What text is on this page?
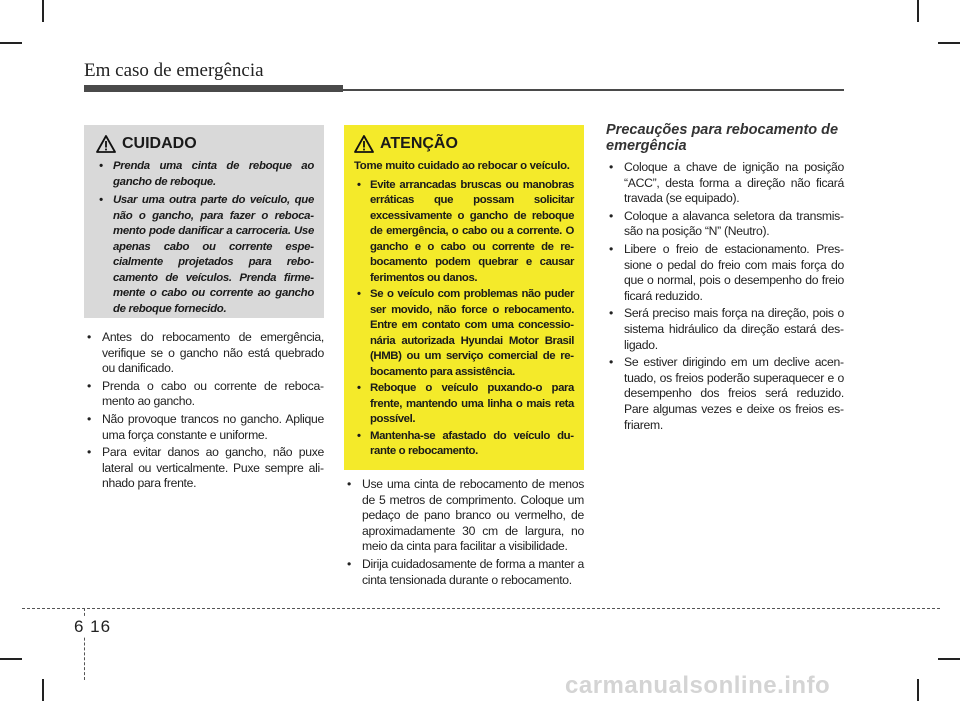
Em caso de emergência
CUIDADO
• Prenda uma cinta de reboque ao gancho de reboque.
• Usar uma outra parte do veículo, que não o gancho, para fazer o rebocamento pode danificar a carroceria. Use apenas cabo ou corrente especialmente projetados para rebocamento de veículos. Prenda firmemente o cabo ou corrente ao gancho de reboque fornecido.
• Antes do rebocamento de emergência, verifique se o gancho não está quebrado ou danificado.
• Prenda o cabo ou corrente de rebocamento ao gancho.
• Não provoque trancos no gancho. Aplique uma força constante e uniforme.
• Para evitar danos ao gancho, não puxe lateral ou verticalmente. Puxe sempre alinhado para frente.
ATENÇÃO

Tome muito cuidado ao rebocar o veículo.

• Evite arrancadas bruscas ou manobras erráticas que possam solicitar excessivamente o gancho de reboque de emergência, o cabo ou a corrente. O gancho e o cabo ou corrente de rebocamento podem quebrar e causar ferimentos ou danos.
• Se o veículo com problemas não puder ser movido, não force o rebocamento. Entre em contato com uma concessionária autorizada Hyundai Motor Brasil (HMB) ou um serviço comercial de rebocamento para assistência.
• Reboque o veículo puxando-o para frente, mantendo uma linha o mais reta possível.
• Mantenha-se afastado do veículo durante o rebocamento.
• Use uma cinta de rebocamento de menos de 5 metros de comprimento. Coloque um pedaço de pano branco ou vermelho, de aproximadamente 30 cm de largura, no meio da cinta para facilitar a visibilidade.
• Dirija cuidadosamente de forma a manter a cinta tensionada durante o rebocamento.
Precauções para rebocamento de emergência
• Coloque a chave de ignição na posição “ACC”, desta forma a direção não ficará travada (se equipado).
• Coloque a alavanca seletora da transmissão na posição “N” (Neutro).
• Libere o freio de estacionamento. Pressione o pedal do freio com mais força do que o normal, pois o desempenho do freio ficará reduzido.
• Será preciso mais força na direção, pois o sistema hidráulico da direção estará desligado.
• Se estiver dirigindo em um declive acentuado, os freios poderão superaquecer e o desempenho dos freios será reduzido. Pare algumas vezes e deixe os freios esfriarem.
6 16
carmanualsonline.info
